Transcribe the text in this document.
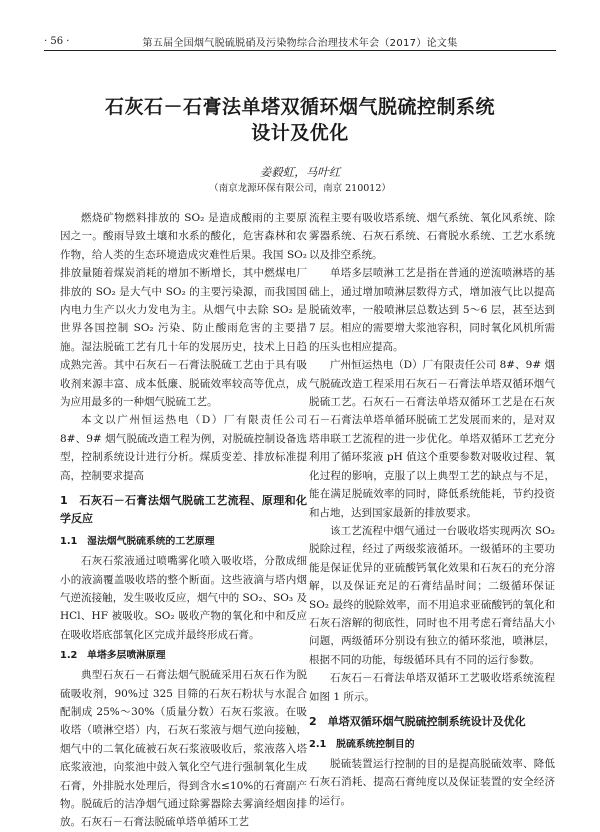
· 56 ·	第五届全国烟气脱硫脱硝及污染物综合治理技术年会（2017）论文集
石灰石－石膏法单塔双循环烟气脱硫控制系统
设计及优化
姜毅虹，马叶红
（南京龙源环保有限公司，南京 210012）

燃烧矿物燃料排放的 SO₂ 是造成酸雨的主要原因之一。酸雨导致土壤和水系的酸化，危害森林和农作物，给人类的生态环境造成灾难性后果。我国 SO₂ 排放量随着煤炭消耗的增加不断增长，其中燃煤电厂排放的 SO₂ 是大气中 SO₂ 的主要污染源，而我国国内电力生产以火力发电为主。从烟气中去除 SO₂ 是世界各国控制 SO₂ 污染、防止酸雨危害的主要措施。湿法脱硫工艺有几十年的发展历史，技术上日趋成熟完善。其中石灰石－石膏法脱硫工艺由于具有吸收剂来源丰富、成本低廉、脱硫效率较高等优点，成为应用最多的一种烟气脱硫工艺。

本文以广州恒运热电（D）厂有限责任公司 8#、9# 烟气脱硫改造工程为例，对脱硫控制设备选型，控制系统设计进行分析。煤质变差、排放标准提高，控制要求提高

1　石灰石－石膏法烟气脱硫工艺流程、原理和化学反应
1.1　湿法烟气脱硫系统的工艺原理

石灰石浆液通过喷嘴雾化喷入吸收塔，分散成细小的液滴覆盖吸收塔的整个断面。这些液滴与塔内烟气逆流接触，发生吸收反应，烟气中的 SO₂、SO₃ 及 HCl、HF 被吸收。SO₂ 吸收产物的氧化和中和反应在吸收塔底部氧化区完成并最终形成石膏。

1.2　单塔多层喷淋原理

典型石灰石－石膏法烟气脱硫采用石灰石作为脱硫吸收剂，90%过 325 目筛的石灰石粉状与水混合配制成 25%～30%（质量分数）石灰石浆液。在吸收塔（喷淋空塔）内，石灰石浆液与烟气逆向接触，烟气中的二氧化硫被石灰石浆液吸收后，浆液落入塔底浆液池，向浆池中鼓入氧化空气进行强制氧化生成石膏，外排脱水处理后，得到含水≤10%的石膏副产物。脱硫后的洁净烟气通过除雾器除去雾滴经烟囱排放。石灰石－石膏法脱硫单塔单循环工艺

流程主要有吸收塔系统、烟气系统、氧化风系统、除雾器系统、石灰石系统、石膏脱水系统、工艺水系统以及排空系统。

单塔多层喷淋工艺是指在普通的逆流喷淋塔的基础上，通过增加喷淋层数得方式，增加液气比以提高脱硫效率，一般喷淋层总数达到 5～6 层，甚至达到 7 层。相应的需要增大浆池容积，同时氧化风机所需的压头也相应提高。

广州恒运热电（D）厂有限责任公司 8#、9# 烟气脱硫改造工程采用石灰石－石膏法单塔双循环烟气脱硫工艺。石灰石－石膏法单塔双循环工艺是在石灰石－石膏法单塔单循环脱硫工艺发展而来的，是对双塔串联工艺流程的进一步优化。单塔双循环工艺充分利用了循环浆液 pH 值这个重要参数对吸收过程、氧化过程的影响，克服了以上典型工艺的缺点与不足，能在满足脱硫效率的同时，降低系统能耗，节约投资和占地，达到国家最新的排放要求。

该工艺流程中烟气通过一台吸收塔实现两次 SO₂ 脱除过程，经过了两级浆液循环。一级循环的主要功能是保证优异的亚硫酸钙氧化效果和石灰石的充分溶解，以及保证充足的石膏结晶时间；二级循环保证 SO₂ 最终的脱除效率，而不用追求亚硫酸钙的氧化和石灰石溶解的彻底性，同时也不用考虑石膏结晶大小问题，两级循环分别设有独立的循环浆池，喷淋层，根据不同的功能，每级循环具有不同的运行参数。

石灰石－石膏法单塔双循环工艺吸收塔系统流程如图 1 所示。

2　单塔双循环烟气脱硫控制系统设计及优化
2.1　脱硫系统控制目的

脱硫装置运行控制的目的是提高脱硫效率、降低石灰石消耗、提高石膏纯度以及保证装置的安全经济的运行。
